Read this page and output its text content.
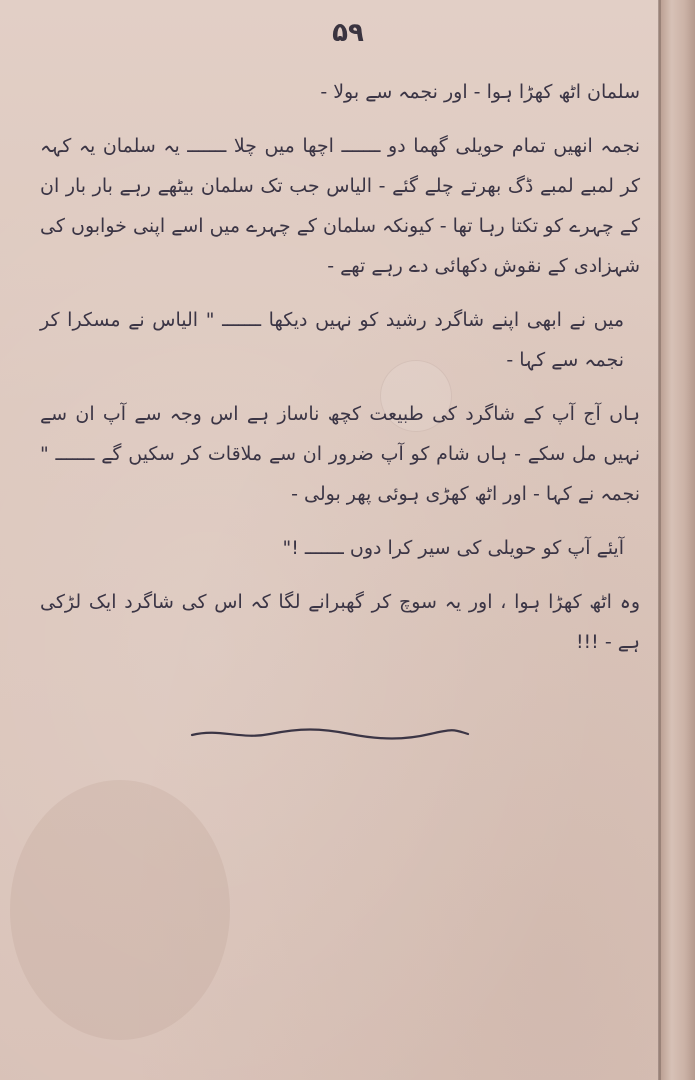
۵۹

سلمان اٹھ کھڑا ہوا - اور نجمہ سے بولا -

نجمہ انھیں تمام حویلی گھما دو ـــــــ اچھا میں چلا ـــــــ یہ سلمان یہ کہہ کر لمبے لمبے ڈگ بھرتے چلے گئے - الیاس جب تک سلمان بیٹھے رہے بار بار ان کے چہرے کو تکتا رہا تھا - کیونکہ سلمان کے چہرے میں اسے اپنی خوابوں کی شہزادی کے نقوش دکھائی دے رہے تھے -

میں نے ابھی اپنے شاگرد رشید کو نہیں دیکھا ـــــــ " الیاس نے مسکرا کر نجمہ سے کہا -

ہاں آج آپ کے شاگرد کی طبیعت کچھ ناساز ہے اس وجہ سے آپ ان سے نہیں مل سکے - ہاں شام کو آپ ضرور ان سے ملاقات کر سکیں گے ـــــــ " نجمہ نے کہا - اور اٹھ کھڑی ہوئی پھر بولی -

آیئے آپ کو حویلی کی سیر کرا دوں ـــــــ !"

وہ اٹھ کھڑا ہوا ، اور یہ سوچ کر گھبرانے لگا کہ اس کی شاگرد ایک لڑکی ہے - !!!
